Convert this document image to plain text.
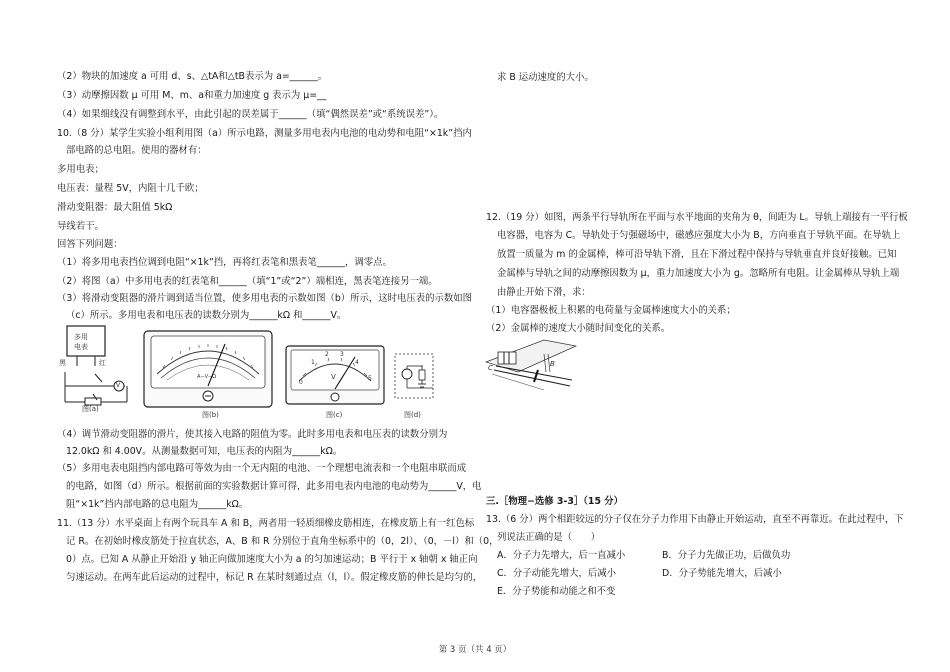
（2）物块的加速度 a 可用 d、s、△tA和△tB表示为 a=______。
（3）动摩擦因数 μ 可用 M、m、a和重力加速度 g 表示为 μ=__
（4）如果细线没有调整到水平，由此引起的误差属于______（填“偶然误差”或“系统误差”）。
10.（8 分）某学生实验小组利用图（a）所示电路，测量多用电表内电池的电动势和电阻“×1k”挡内
部电路的总电阻。使用的器材有：
多用电表；
电压表：量程 5V，内阻十几千欧；
滑动变阻器：最大阻值 5kΩ
导线若干。
回答下列问题：
（1）将多用电表挡位调到电阻“×1k”挡，再将红表笔和黑表笔______，调零点。
（2）将图（a）中多用电表的红表笔和______（填“1”或“2”）端相连，黑表笔连接另一端。
（3）将滑动变阻器的滑片调到适当位置，使多用电表的示数如图（b）所示，这时电压表的示数如图
（c）所示。多用电表和电压表的读数分别为______kΩ 和______V。
多用
电表
黑	红
V
图(a)
A−V−Ω
图(b)
0
1
2 3
4
5
V
图(c)	图(d)
（4）调节滑动变阻器的滑片，使其接入电路的阻值为零。此时多用电表和电压表的读数分别为
12.0kΩ 和 4.00V。从测量数据可知，电压表的内阻为______kΩ。
（5）多用电表电阻挡内部电路可等效为由一个无内阻的电池、一个理想电流表和一个电阻串联而成
的电路，如图（d）所示。根据前面的实验数据计算可得，此多用电表内电池的电动势为______V，电
阻“×1k”挡内部电路的总电阻为______kΩ。
11.（13 分）水平桌面上有两个玩具车 A 和 B，两者用一轻质细橡皮筋相连，在橡皮筋上有一红色标
记 R。在初始时橡皮筋处于拉直状态，A、B 和 R 分别位于直角坐标系中的（0，2l）、（0，－l）和（0，
0）点。已知 A 从静止开始沿 y 轴正向做加速度大小为 a 的匀加速运动；B 平行于 x 轴朝 x 轴正向
匀速运动。在两车此后运动的过程中，标记 R 在某时刻通过点（l，l）。假定橡皮筋的伸长是均匀的，
求 B 运动速度的大小。
12.（19 分）如图，两条平行导轨所在平面与水平地面的夹角为 θ，间距为 L。导轨上端接有一平行板
电容器，电容为 C。导轨处于匀强磁场中，磁感应强度大小为 B，方向垂直于导轨平面。在导轨上
放置一质量为 m 的金属棒，棒可沿导轨下滑，且在下滑过程中保持与导轨垂直并良好接触。已知
金属棒与导轨之间的动摩擦因数为 μ，重力加速度大小为 g。忽略所有电阻。让金属棒从导轨上端
由静止开始下滑，求：
（1）电容器极板上积累的电荷量与金属棒速度大小的关系；
（2）金属棒的速度大小随时间变化的关系。
C	B
三.［物理−选修 3-3］（15 分）
13.（6 分）两个相距较远的分子仅在分子力作用下由静止开始运动，直至不再靠近。在此过程中，下
列说法正确的是（　　）
A．分子力先增大，后一直减小	B．分子力先做正功，后做负功
C．分子动能先增大，后减小	D．分子势能先增大，后减小
E．分子势能和动能之和不变
第 3 页（共 4 页）
